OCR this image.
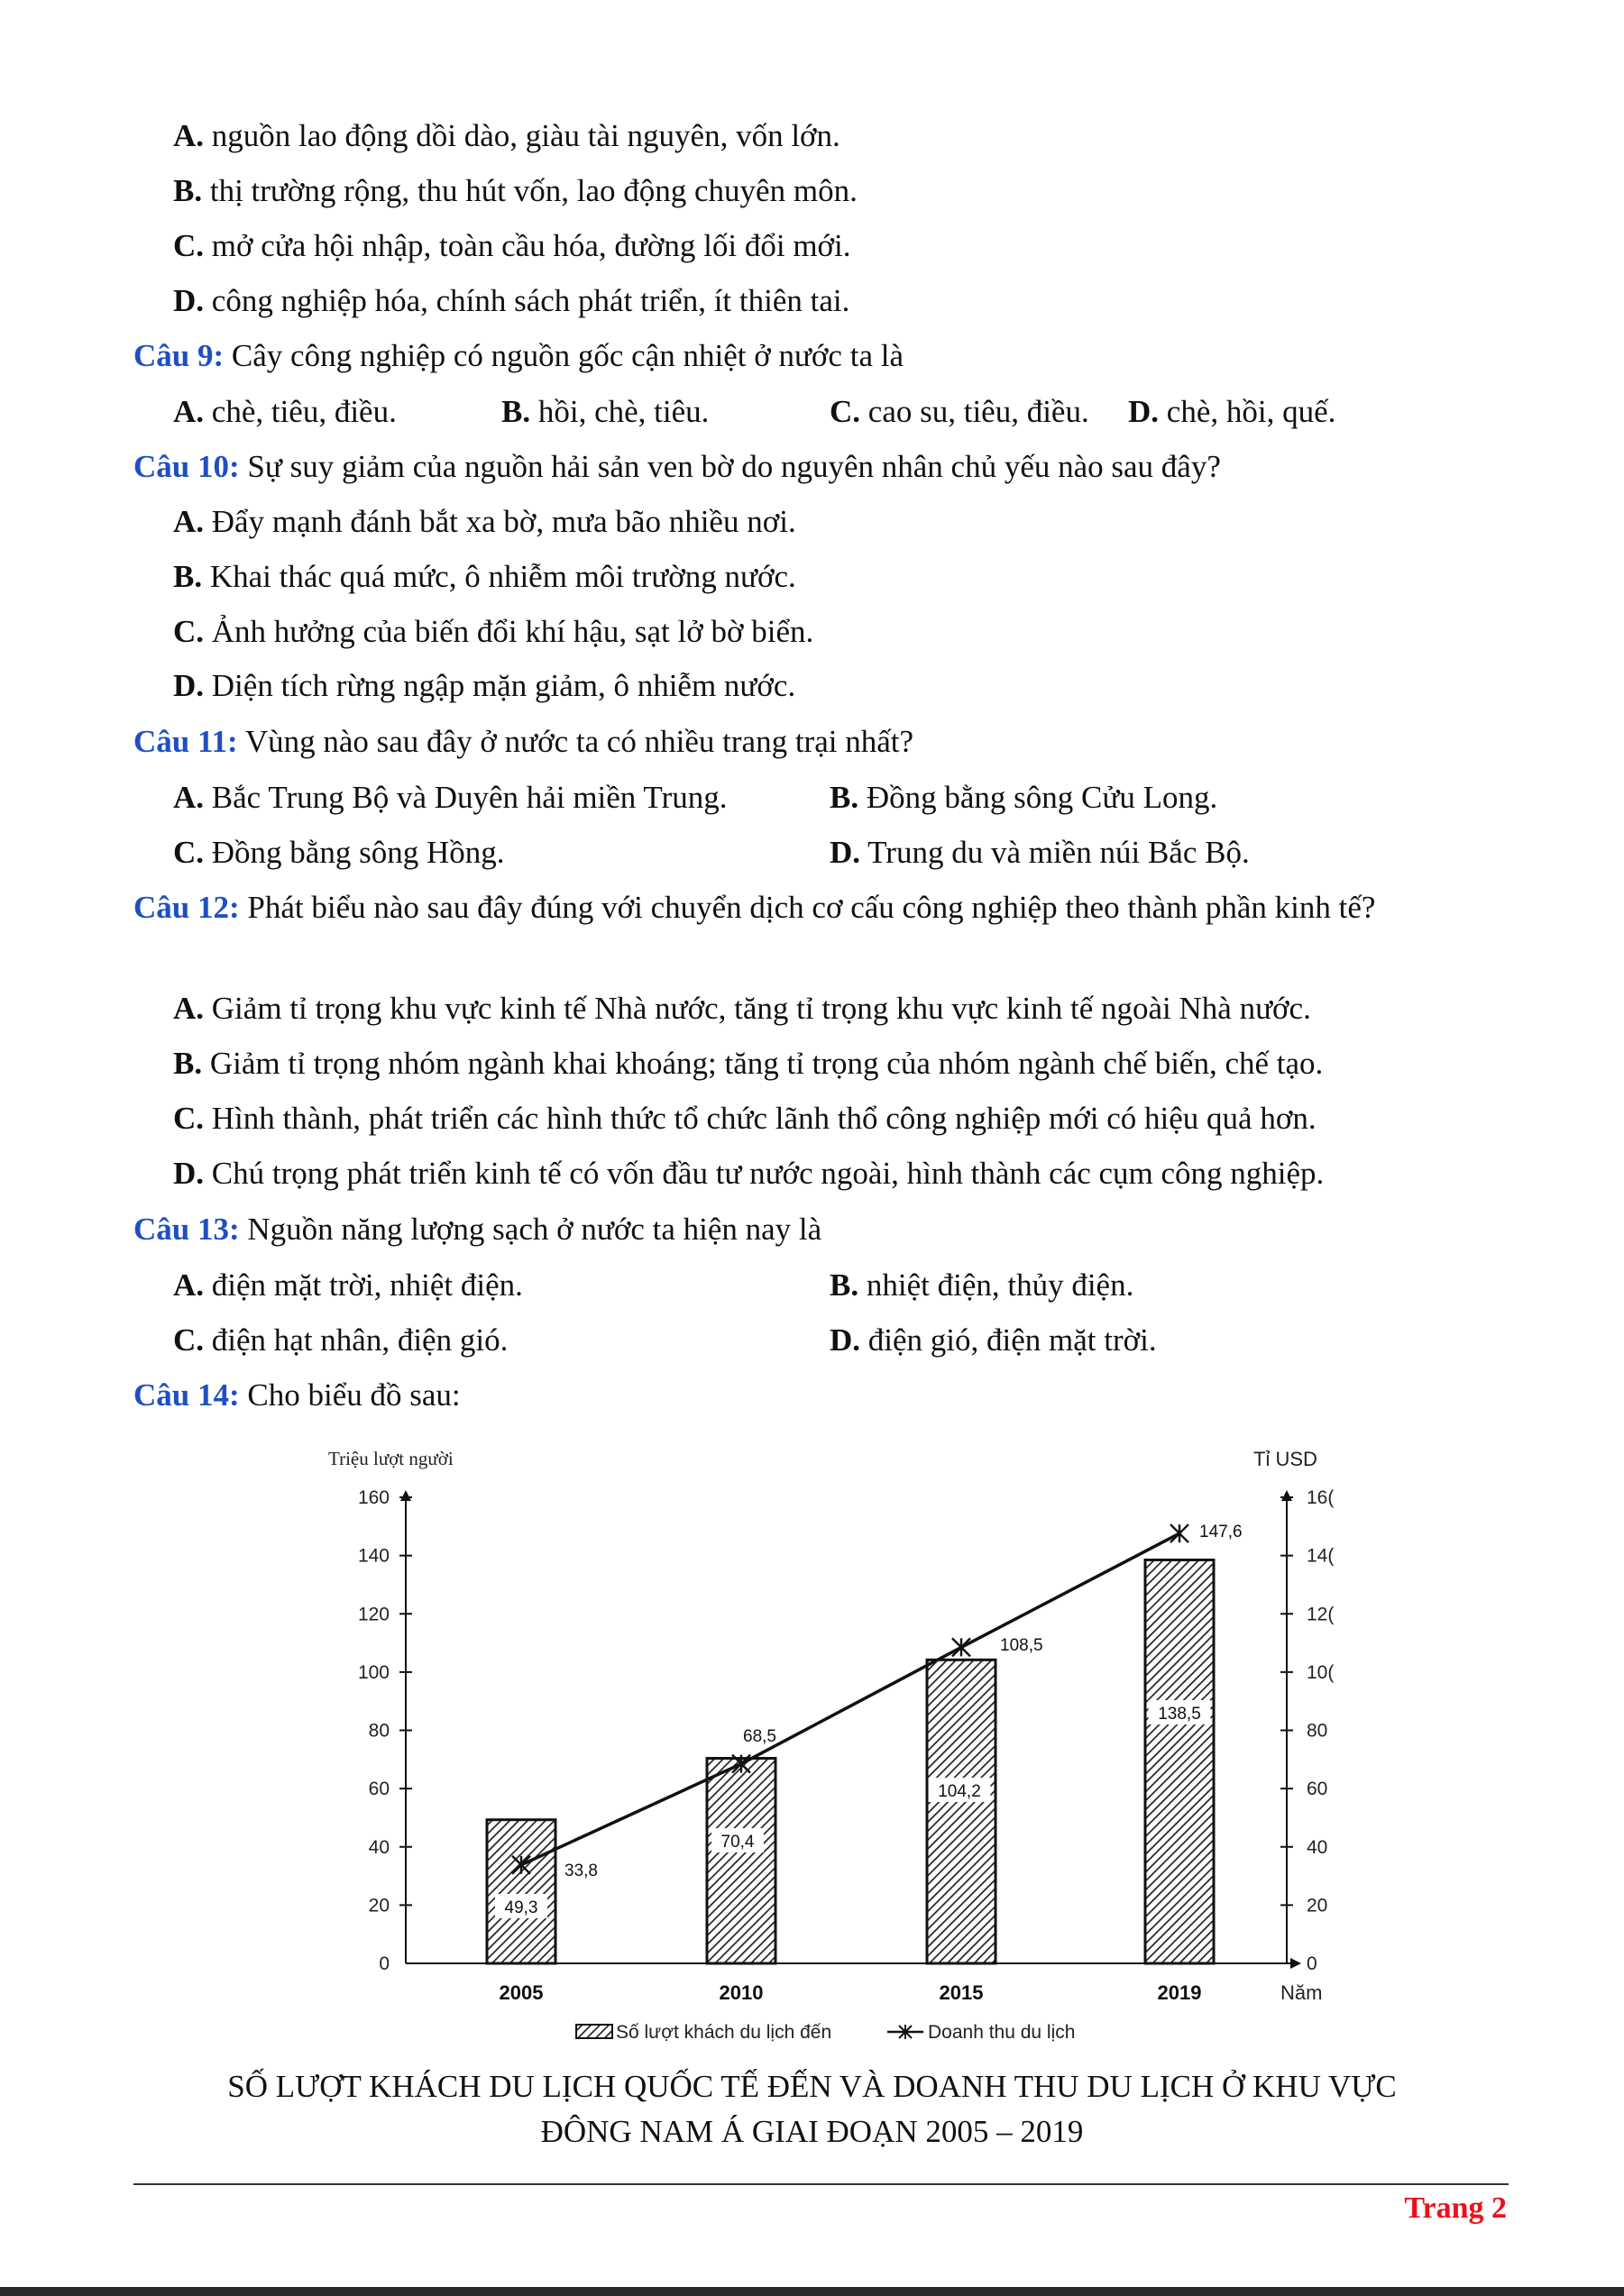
A. nguồn lao động dồi dào, giàu tài nguyên, vốn lớn.
B. thị trường rộng, thu hút vốn, lao động chuyên môn.
C. mở cửa hội nhập, toàn cầu hóa, đường lối đổi mới.
D. công nghiệp hóa, chính sách phát triển, ít thiên tai.
Câu 9: Cây công nghiệp có nguồn gốc cận nhiệt ở nước ta là
A. chè, tiêu, điều.	B. hồi, chè, tiêu.	C. cao su, tiêu, điều. D. chè, hồi, quế.
Câu 10: Sự suy giảm của nguồn hải sản ven bờ do nguyên nhân chủ yếu nào sau đây?
A. Đẩy mạnh đánh bắt xa bờ, mưa bão nhiều nơi.
B. Khai thác quá mức, ô nhiễm môi trường nước.
C. Ảnh hưởng của biến đổi khí hậu, sạt lở bờ biển.
D. Diện tích rừng ngập mặn giảm, ô nhiễm nước.
Câu 11: Vùng nào sau đây ở nước ta có nhiều trang trại nhất?
A. Bắc Trung Bộ và Duyên hải miền Trung.	B. Đồng bằng sông Cửu Long.
C. Đồng bằng sông Hồng.	D. Trung du và miền núi Bắc Bộ.
Câu 12: Phát biểu nào sau đây đúng với chuyển dịch cơ cấu công nghiệp theo thành phần kinh tế?
A. Giảm tỉ trọng khu vực kinh tế Nhà nước, tăng tỉ trọng khu vực kinh tế ngoài Nhà nước.
B. Giảm tỉ trọng nhóm ngành khai khoáng; tăng tỉ trọng của nhóm ngành chế biến, chế tạo.
C. Hình thành, phát triển các hình thức tổ chức lãnh thổ công nghiệp mới có hiệu quả hơn.
D. Chú trọng phát triển kinh tế có vốn đầu tư nước ngoài, hình thành các cụm công nghiệp.
Câu 13: Nguồn năng lượng sạch ở nước ta hiện nay là
A. điện mặt trời, nhiệt điện.	B. nhiệt điện, thủy điện.
C. điện hạt nhân, điện gió.	D. điện gió, điện mặt trời.
Câu 14: Cho biểu đồ sau:
0
20
40
60
80
100
120
140
160
0
20
40
60
80
10(
12(
14(
16(
Triệu lượt người	Tỉ USD
Năm
2005	2010	2015	2019
49,3
70,4
104,2
138,5
33,8
68,5
108,5
147,6
Số lượt khách du lịch đến	Doanh thu du lịch
SỐ LƯỢT KHÁCH DU LỊCH QUỐC TẾ ĐẾN VÀ DOANH THU DU LỊCH Ở KHU VỰC
ĐÔNG NAM Á GIAI ĐOẠN 2005 – 2019
Trang 2
